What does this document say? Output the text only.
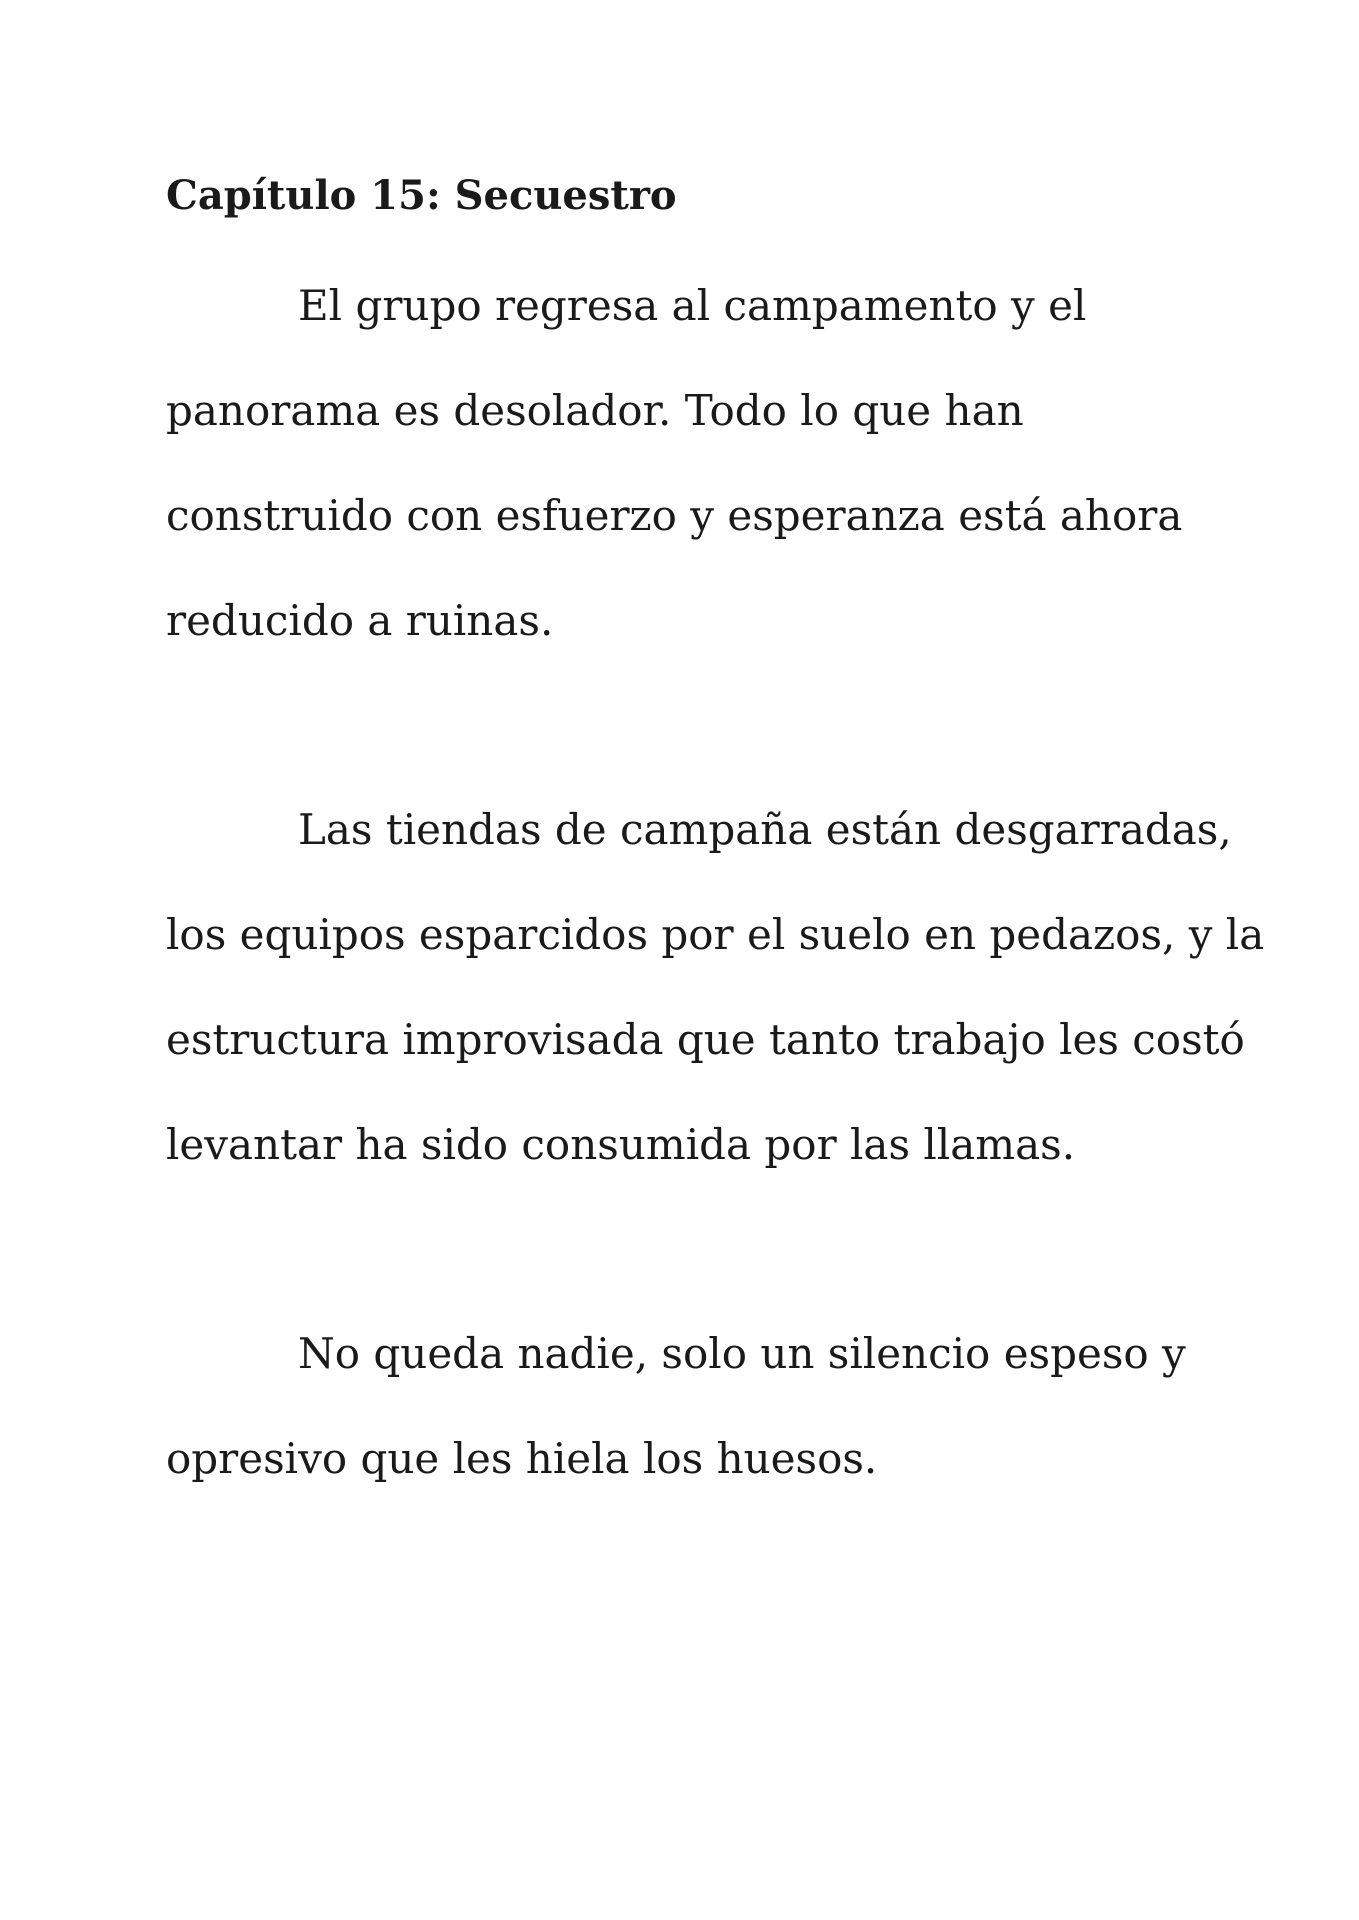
Capítulo 15: Secuestro

El grupo regresa al campamento y el

panorama es desolador. Todo lo que han

construido con esfuerzo y esperanza está ahora

reducido a ruinas.

Las tiendas de campaña están desgarradas,

los equipos esparcidos por el suelo en pedazos, y la

estructura improvisada que tanto trabajo les costó

levantar ha sido consumida por las llamas.

No queda nadie, solo un silencio espeso y

opresivo que les hiela los huesos.
